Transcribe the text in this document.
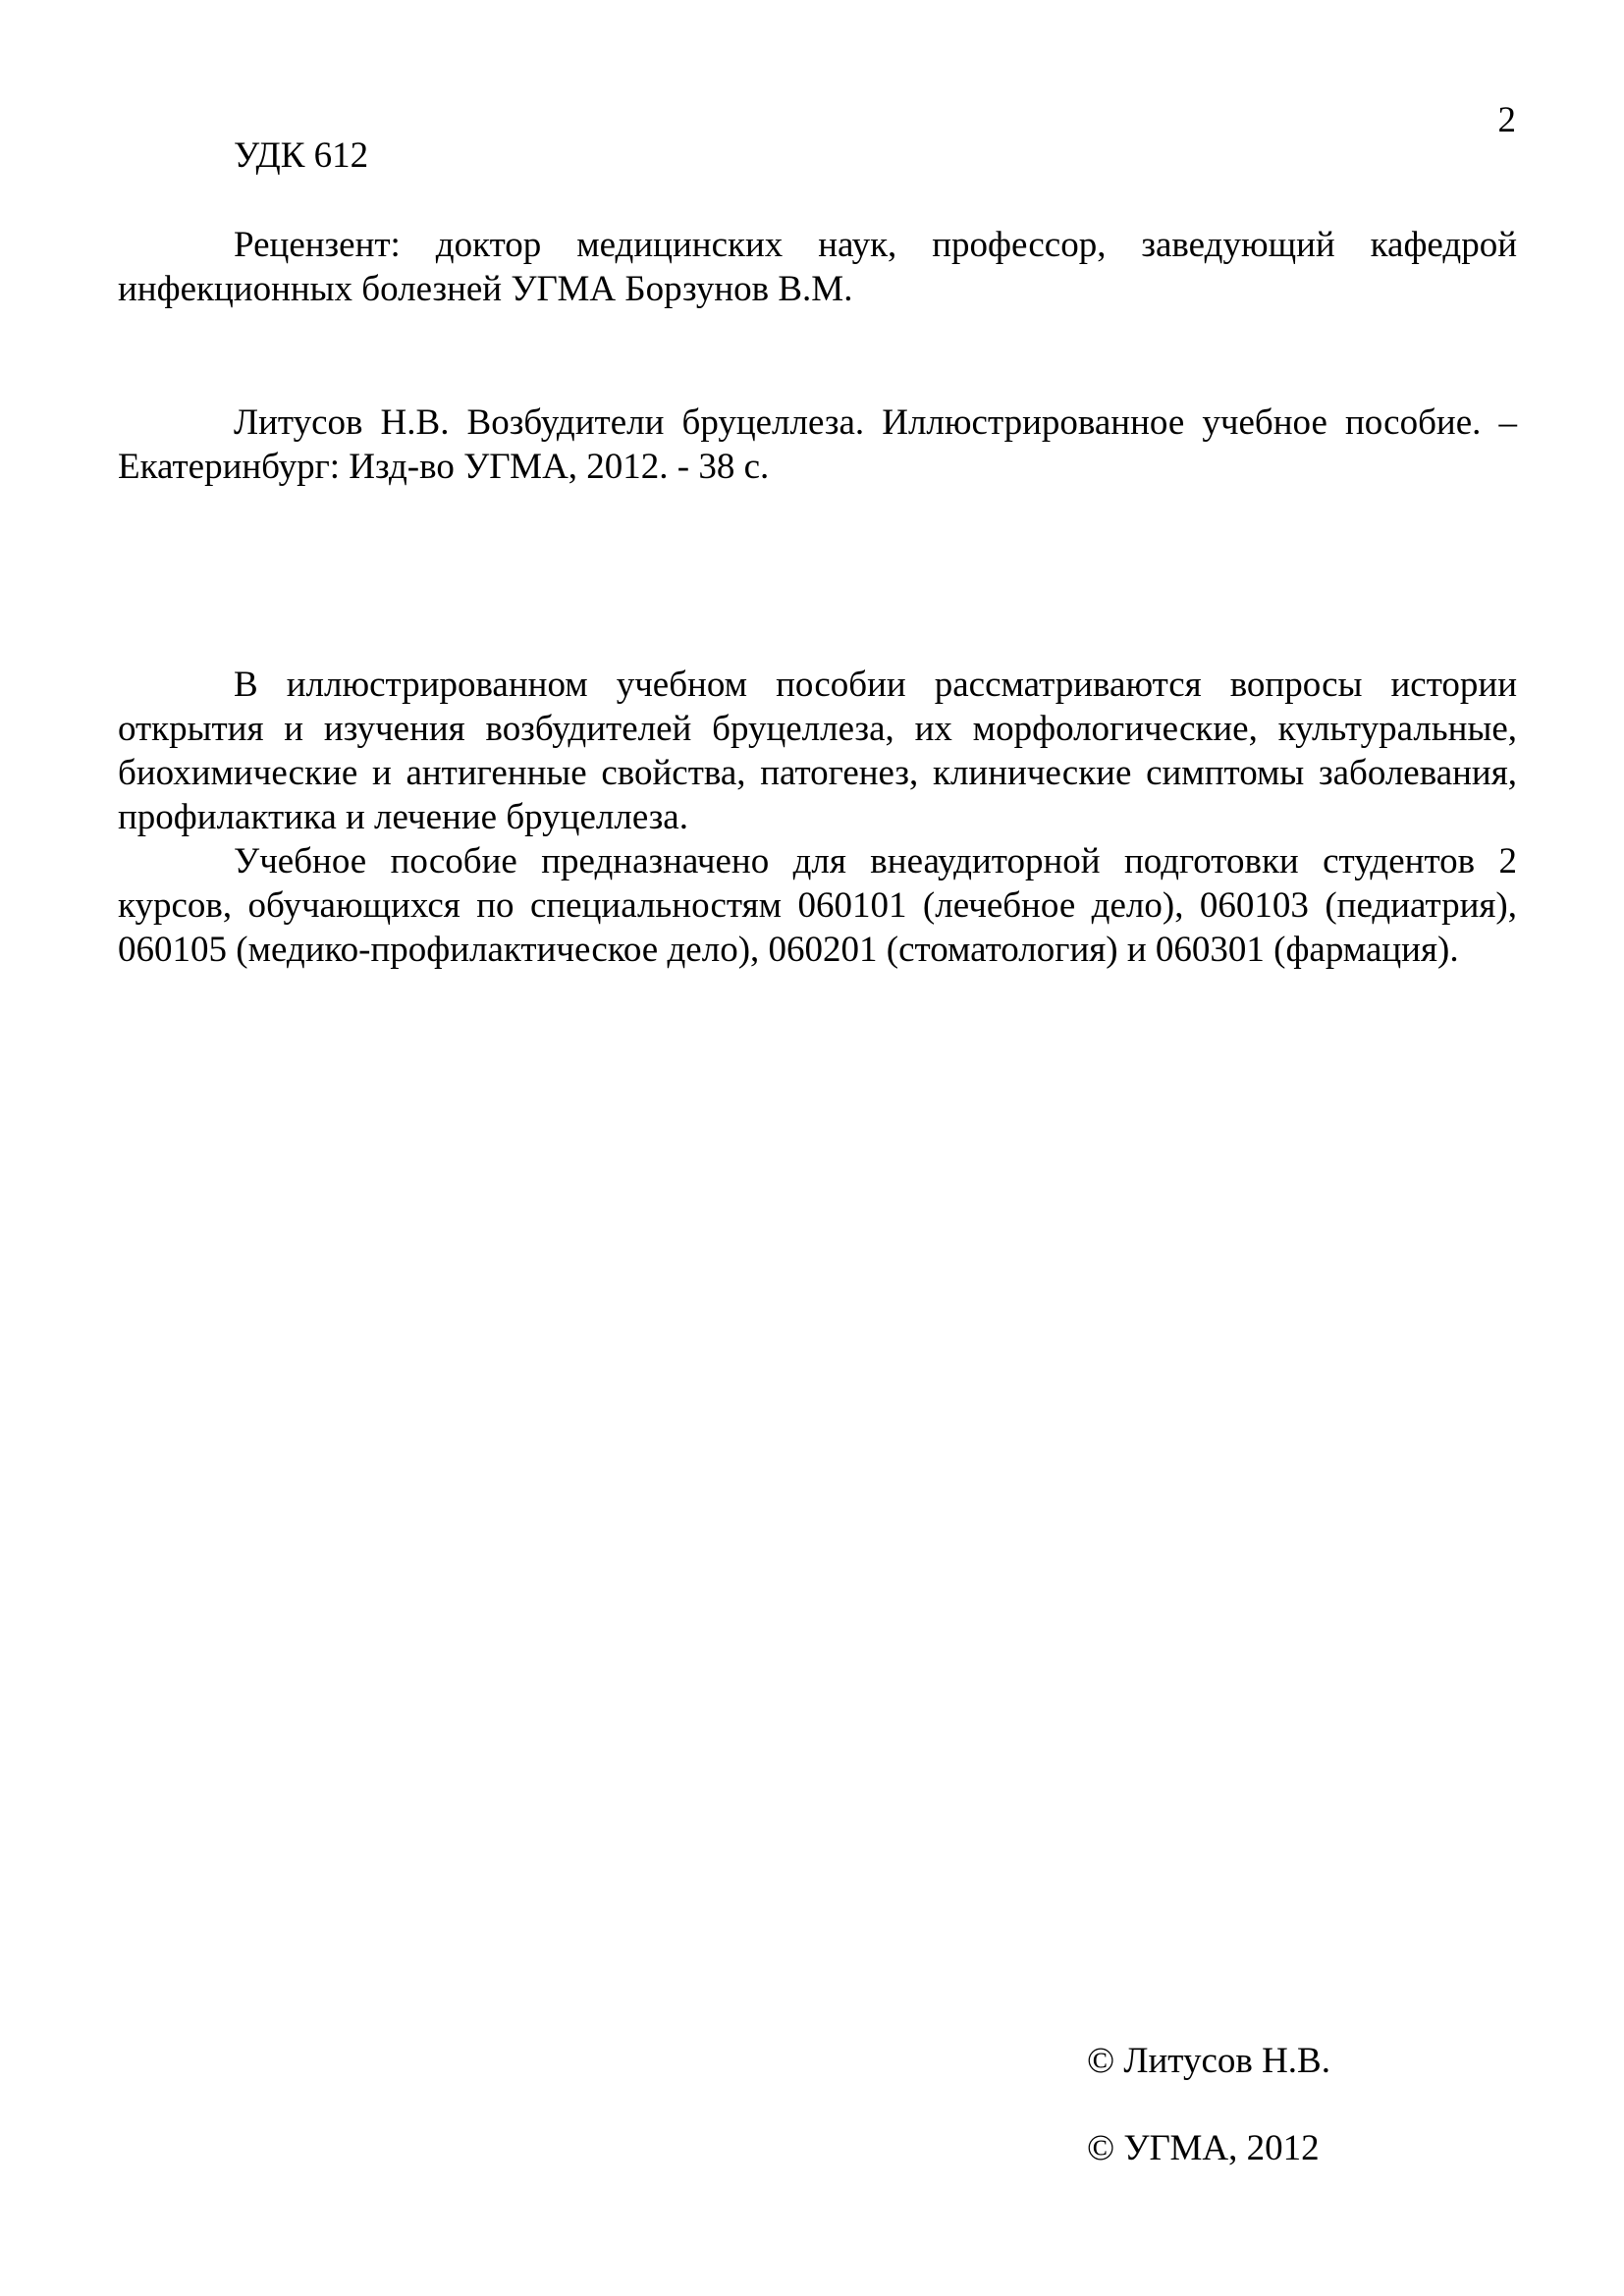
2

УДК 612

Рецензент: доктор медицинских наук, профессор, заведующий кафедрой инфекционных болезней УГМА Борзунов В.М.

Литусов Н.В. Возбудители бруцеллеза. Иллюстрированное учебное пособие. – Екатеринбург: Изд-во УГМА, 2012. - 38 с.

В иллюстрированном учебном пособии рассматриваются вопросы истории открытия и изучения возбудителей бруцеллеза, их морфологические, культуральные, биохимические и антигенные свойства, патогенез, клинические симптомы заболевания, профилактика и лечение бруцеллеза.

Учебное пособие предназначено для внеаудиторной подготовки студентов 2 курсов, обучающихся по специальностям 060101 (лечебное дело), 060103 (педиатрия), 060105 (медико-профилактическое дело), 060201 (стоматология) и 060301 (фармация).

© Литусов Н.В.

© УГМА, 2012
